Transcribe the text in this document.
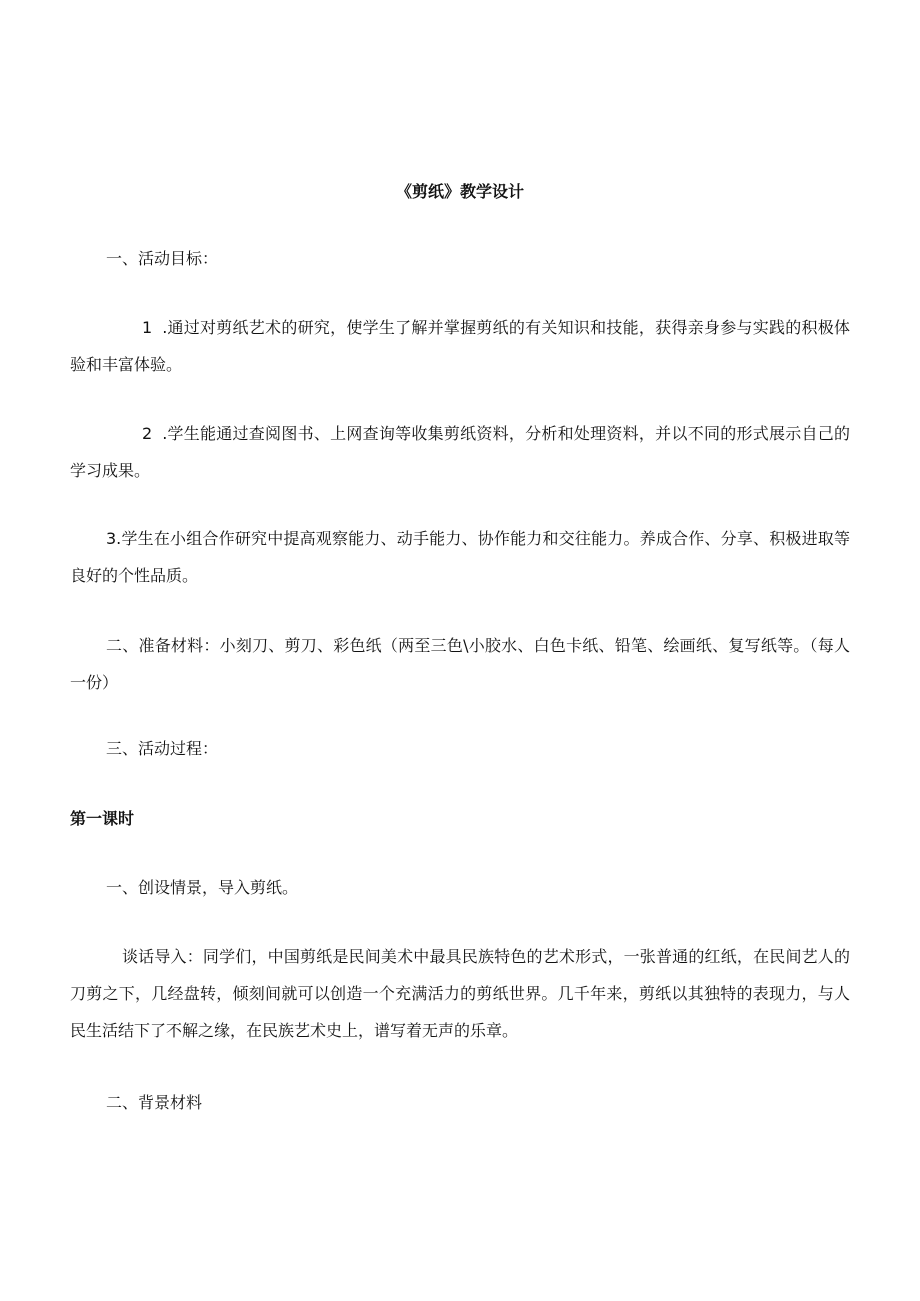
《剪纸》教学设计
一、活动目标：
1 .通过对剪纸艺术的研究，使学生了解并掌握剪纸的有关知识和技能，获得亲身参与实践的积极体验和丰富体验。
2 .学生能通过查阅图书、上网查询等收集剪纸资料，分析和处理资料，并以不同的形式展示自己的学习成果。
3.学生在小组合作研究中提高观察能力、动手能力、协作能力和交往能力。养成合作、分享、积极进取等良好的个性品质。
二、准备材料：小刻刀、剪刀、彩色纸（两至三色\小胶水、白色卡纸、铅笔、绘画纸、复写纸等。（每人一份）
三、活动过程：
第一课时
一、创设情景，导入剪纸。
谈话导入：同学们，中国剪纸是民间美术中最具民族特色的艺术形式，一张普通的红纸，在民间艺人的刀剪之下，几经盘转，倾刻间就可以创造一个充满活力的剪纸世界。几千年来，剪纸以其独特的表现力，与人民生活结下了不解之缘，在民族艺术史上，谱写着无声的乐章。
二、背景材料
